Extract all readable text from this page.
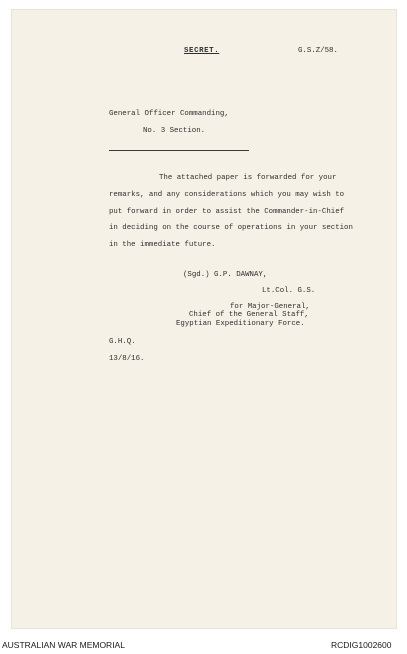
SECRET.	G.S.Z/58.
General Officer Commanding,
No. 3 Section.
The attached paper is forwarded for your
remarks, and any considerations which you may wish to
put forward in order to assist the Commander-in-Chief
in deciding on the course of operations in your section
in the immediate future.
(Sgd.) G.P. DAWNAY,
Lt.Col. G.S.
for Major-General,
Chief of the General Staff,
Egyptian Expeditionary Force.
G.H.Q.
13/8/16.
AUSTRALIAN WAR MEMORIAL	RCDIG1002600
